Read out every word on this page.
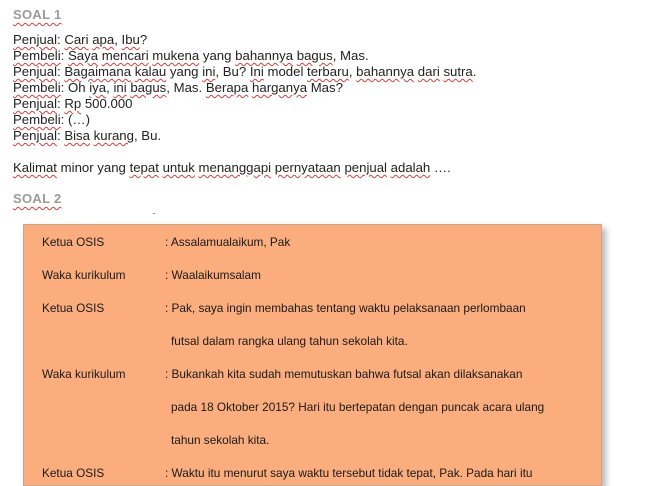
SOAL 1
Penjual: Cari apa, Ibu?
Pembeli: Saya mencari mukena yang bahannya bagus, Mas.
Penjual: Bagaimana kalau yang ini, Bu? Ini model terbaru, bahannya dari sutra.
Pembeli: Oh iya, ini bagus, Mas. Berapa harganya Mas?
Penjual: Rp 500.000
Pembeli: (…)
Penjual: Bisa kurang, Bu.
Kalimat minor yang tepat untuk menanggapi pernyataan penjual adalah ….
SOAL 2
Ketua OSIS	: Assalamualaikum, Pak
Waka kurikulum	: Waalaikumsalam
Ketua OSIS	: Pak, saya ingin membahas tentang waktu pelaksanaan perlombaan
futsal dalam rangka ulang tahun sekolah kita.
Waka kurikulum	: Bukankah kita sudah memutuskan bahwa futsal akan dilaksanakan
pada 18 Oktober 2015? Hari itu bertepatan dengan puncak acara ulang
tahun sekolah kita.
Ketua OSIS	: Waktu itu menurut saya waktu tersebut tidak tepat, Pak. Pada hari itu
